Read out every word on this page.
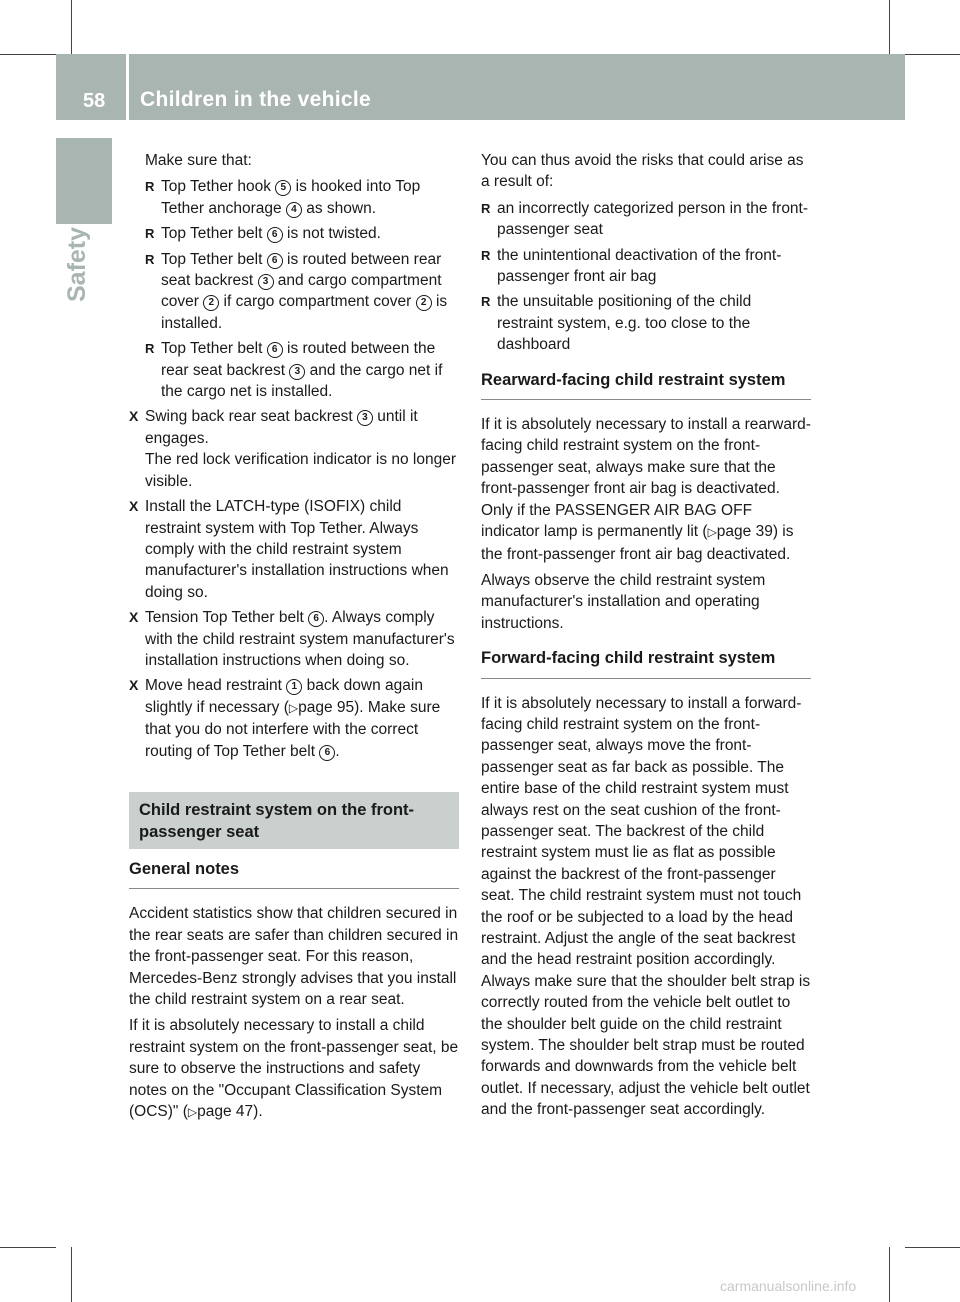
58 Children in the vehicle
Safety

Make sure that:

R Top Tether hook 5 is hooked into Top Tether anchorage 4 as shown.
R Top Tether belt 6 is not twisted.
R Top Tether belt 6 is routed between rear seat backrest 3 and cargo compartment cover 2 if cargo compartment cover 2 is installed.
R Top Tether belt 6 is routed between the rear seat backrest 3 and the cargo net if the cargo net is installed.
X Swing back rear seat backrest 3 until it engages.
The red lock verification indicator is no longer visible.
X Install the LATCH-type (ISOFIX) child restraint system with Top Tether. Always comply with the child restraint system manufacturer's installation instructions when doing so.
X Tension Top Tether belt 6 . Always comply with the child restraint system manufacturer's installation instructions when doing so.
X Move head restraint 1 back down again slightly if necessary (▷page 95). Make sure that you do not interfere with the correct routing of Top Tether belt 6 .
Child restraint system on the front-passenger seat
General notes

Accident statistics show that children secured in the rear seats are safer than children secured in the front-passenger seat. For this reason, Mercedes-Benz strongly advises that you install the child restraint system on a rear seat.

If it is absolutely necessary to install a child restraint system on the front-passenger seat, be sure to observe the instructions and safety notes on the "Occupant Classification System (OCS)" (▷page 47).

You can thus avoid the risks that could arise as a result of:

R an incorrectly categorized person in the front-passenger seat
R the unintentional deactivation of the front-passenger front air bag
R the unsuitable positioning of the child restraint system, e.g. too close to the dashboard
Rearward-facing child restraint system

If it is absolutely necessary to install a rearward-facing child restraint system on the front-passenger seat, always make sure that the front-passenger front air bag is deactivated. Only if the PASSENGER AIR BAG OFF indicator lamp is permanently lit (▷page 39) is the front-passenger front air bag deactivated.

Always observe the child restraint system manufacturer's installation and operating instructions.

Forward-facing child restraint system

If it is absolutely necessary to install a forward-facing child restraint system on the front-passenger seat, always move the front-passenger seat as far back as possible. The entire base of the child restraint system must always rest on the seat cushion of the front-passenger seat. The backrest of the child restraint system must lie as flat as possible against the backrest of the front-passenger seat. The child restraint system must not touch the roof or be subjected to a load by the head restraint. Adjust the angle of the seat backrest and the head restraint position accordingly. Always make sure that the shoulder belt strap is correctly routed from the vehicle belt outlet to the shoulder belt guide on the child restraint system. The shoulder belt strap must be routed forwards and downwards from the vehicle belt outlet. If necessary, adjust the vehicle belt outlet and the front-passenger seat accordingly.

carmanualsonline.info
